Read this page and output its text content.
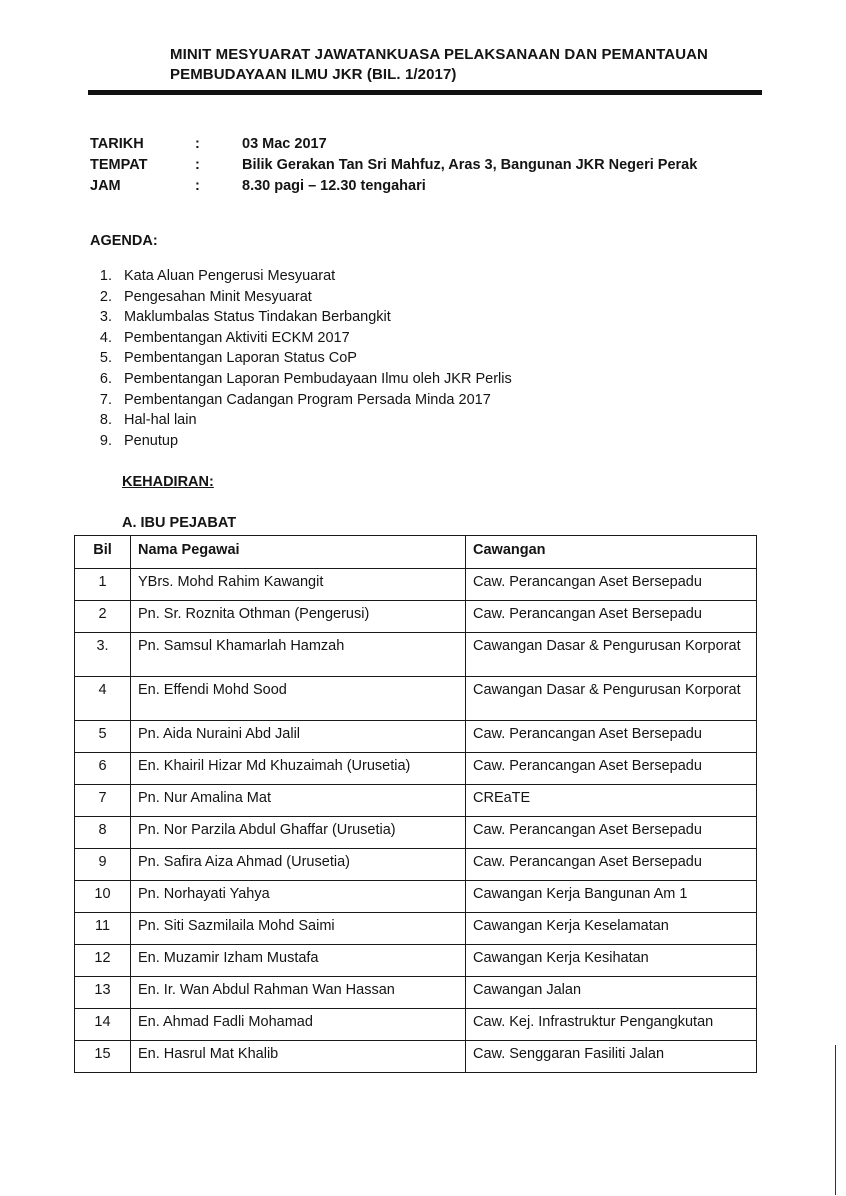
MINIT MESYUARAT JAWATANKUASA PELAKSANAAN DAN PEMANTAUAN
PEMBUDAYAAN ILMU JKR (BIL. 1/2017)
TARIKH	:	03 Mac 2017
TEMPAT	:	Bilik Gerakan Tan Sri Mahfuz, Aras 3, Bangunan JKR Negeri Perak
JAM	:	8.30 pagi – 12.30 tengahari
AGENDA:
1. Kata Aluan Pengerusi Mesyuarat
2. Pengesahan Minit Mesyuarat
3. Maklumbalas Status Tindakan Berbangkit
4. Pembentangan Aktiviti ECKM 2017
5. Pembentangan Laporan Status CoP
6. Pembentangan Laporan Pembudayaan Ilmu oleh JKR Perlis
7. Pembentangan Cadangan Program Persada Minda 2017
8. Hal-hal lain
9. Penutup
KEHADIRAN:
A. IBU PEJABAT
Bil	Nama Pegawai	Cawangan
1	YBrs. Mohd Rahim Kawangit	Caw. Perancangan Aset Bersepadu
2	Pn. Sr. Roznita Othman (Pengerusi)	Caw. Perancangan Aset Bersepadu
3.	Pn. Samsul Khamarlah Hamzah	Cawangan Dasar & Pengurusan Korporat
4	En. Effendi Mohd Sood	Cawangan Dasar & Pengurusan Korporat
5	Pn. Aida Nuraini Abd Jalil	Caw. Perancangan Aset Bersepadu
6	En. Khairil Hizar Md Khuzaimah (Urusetia)	Caw. Perancangan Aset Bersepadu
7	Pn. Nur Amalina Mat	CREaTE
8	Pn. Nor Parzila Abdul Ghaffar (Urusetia)	Caw. Perancangan Aset Bersepadu
9	Pn. Safira Aiza Ahmad (Urusetia)	Caw. Perancangan Aset Bersepadu
10	Pn. Norhayati Yahya	Cawangan Kerja Bangunan Am 1
11	Pn. Siti Sazmilaila Mohd Saimi	Cawangan Kerja Keselamatan
12	En. Muzamir Izham Mustafa	Cawangan Kerja Kesihatan
13	En. Ir. Wan Abdul Rahman Wan Hassan	Cawangan Jalan
14	En. Ahmad Fadli Mohamad	Caw. Kej. Infrastruktur Pengangkutan
15	En. Hasrul Mat Khalib	Caw. Senggaran Fasiliti Jalan
